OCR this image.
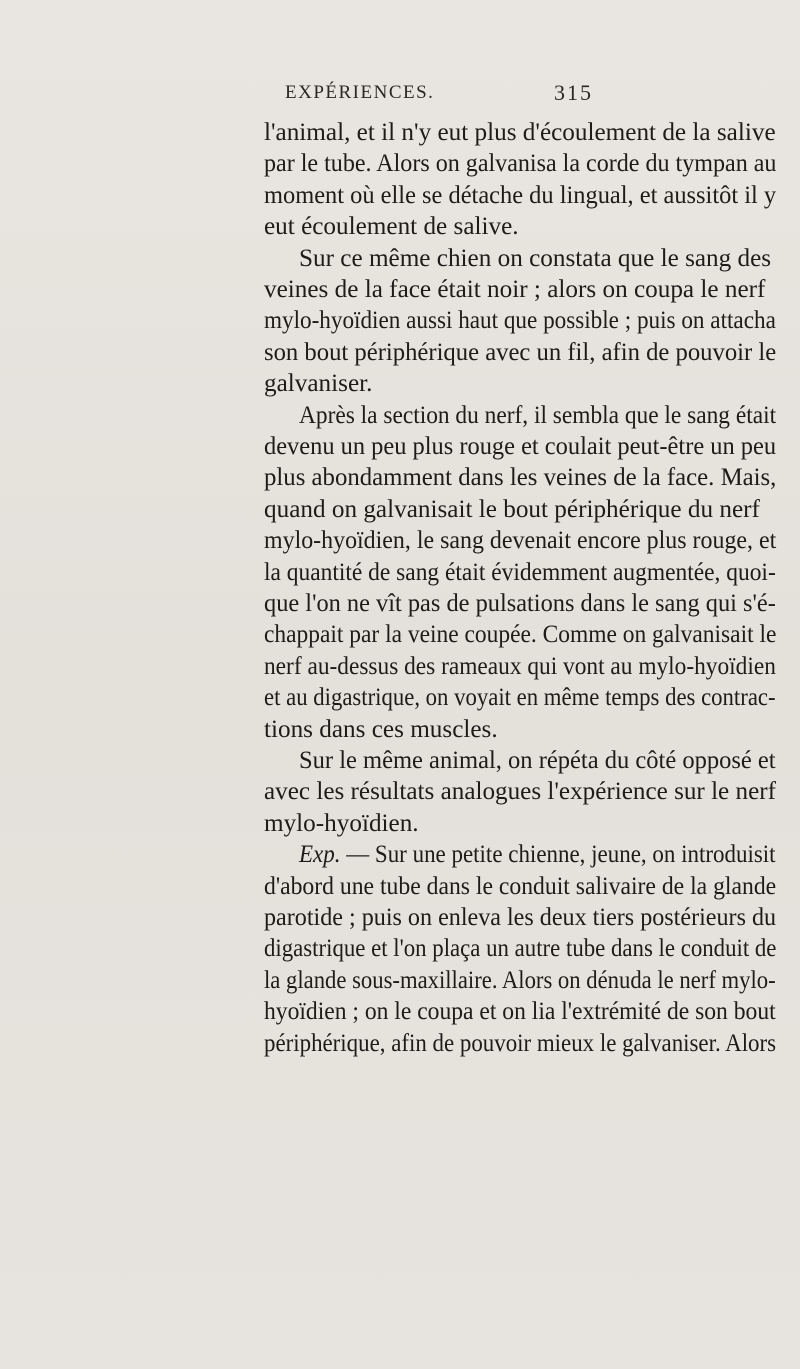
EXPÉRIENCES.	315
l'animal, et il n'y eut plus d'écoulement de la salive
par le tube. Alors on galvanisa la corde du tympan au
moment où elle se détache du lingual, et aussitôt il y
eut écoulement de salive.
Sur ce même chien on constata que le sang des
veines de la face était noir ; alors on coupa le nerf
mylo-hyoïdien aussi haut que possible ; puis on attacha
son bout périphérique avec un fil, afin de pouvoir le
galvaniser.
Après la section du nerf, il sembla que le sang était
devenu un peu plus rouge et coulait peut-être un peu
plus abondamment dans les veines de la face. Mais,
quand on galvanisait le bout périphérique du nerf
mylo-hyoïdien, le sang devenait encore plus rouge, et
la quantité de sang était évidemment augmentée, quoi-
que l'on ne vît pas de pulsations dans le sang qui s'é-
chappait par la veine coupée. Comme on galvanisait le
nerf au-dessus des rameaux qui vont au mylo-hyoïdien
et au digastrique, on voyait en même temps des contrac-
tions dans ces muscles.
Sur le même animal, on répéta du côté opposé et
avec les résultats analogues l'expérience sur le nerf
mylo-hyoïdien.
Exp. — Sur une petite chienne, jeune, on introduisit
d'abord une tube dans le conduit salivaire de la glande
parotide ; puis on enleva les deux tiers postérieurs du
digastrique et l'on plaça un autre tube dans le conduit de
la glande sous-maxillaire. Alors on dénuda le nerf mylo-
hyoïdien ; on le coupa et on lia l'extrémité de son bout
périphérique, afin de pouvoir mieux le galvaniser. Alors
